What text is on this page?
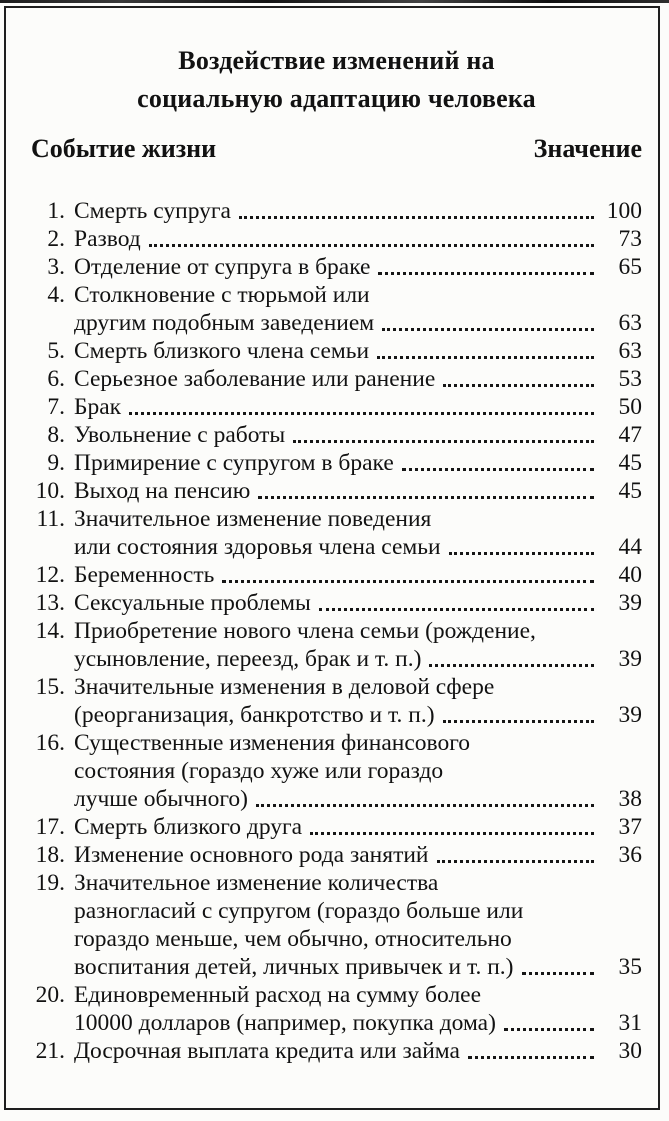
Воздействие изменений на
социальную адаптацию человека
Событие жизни	Значение
1. Смерть супруга	100
2. Развод	73
3. Отделение от супруга в браке	65
4. Столкновение с тюрьмой или
другим подобным заведением	63
5. Смерть близкого члена семьи	63
6. Серьезное заболевание или ранение	53
7. Брак	50
8. Увольнение с работы	47
9. Примирение с супругом в браке	45
10. Выход на пенсию	45
11. Значительное изменение поведения
или состояния здоровья члена семьи	44
12. Беременность	40
13. Сексуальные проблемы	39
14. Приобретение нового члена семьи (рождение,
усыновление, переезд, брак и т. п.)	39
15. Значительные изменения в деловой сфере
(реорганизация, банкротство и т. п.)	39
16. Существенные изменения финансового
состояния (гораздо хуже или гораздо
лучше обычного)	38
17. Смерть близкого друга	37
18. Изменение основного рода занятий	36
19. Значительное изменение количества
разногласий с супругом (гораздо больше или
гораздо меньше, чем обычно, относительно
воспитания детей, личных привычек и т. п.)	35
20. Единовременный расход на сумму более
10000 долларов (например, покупка дома)	31
21. Досрочная выплата кредита или займа	30
